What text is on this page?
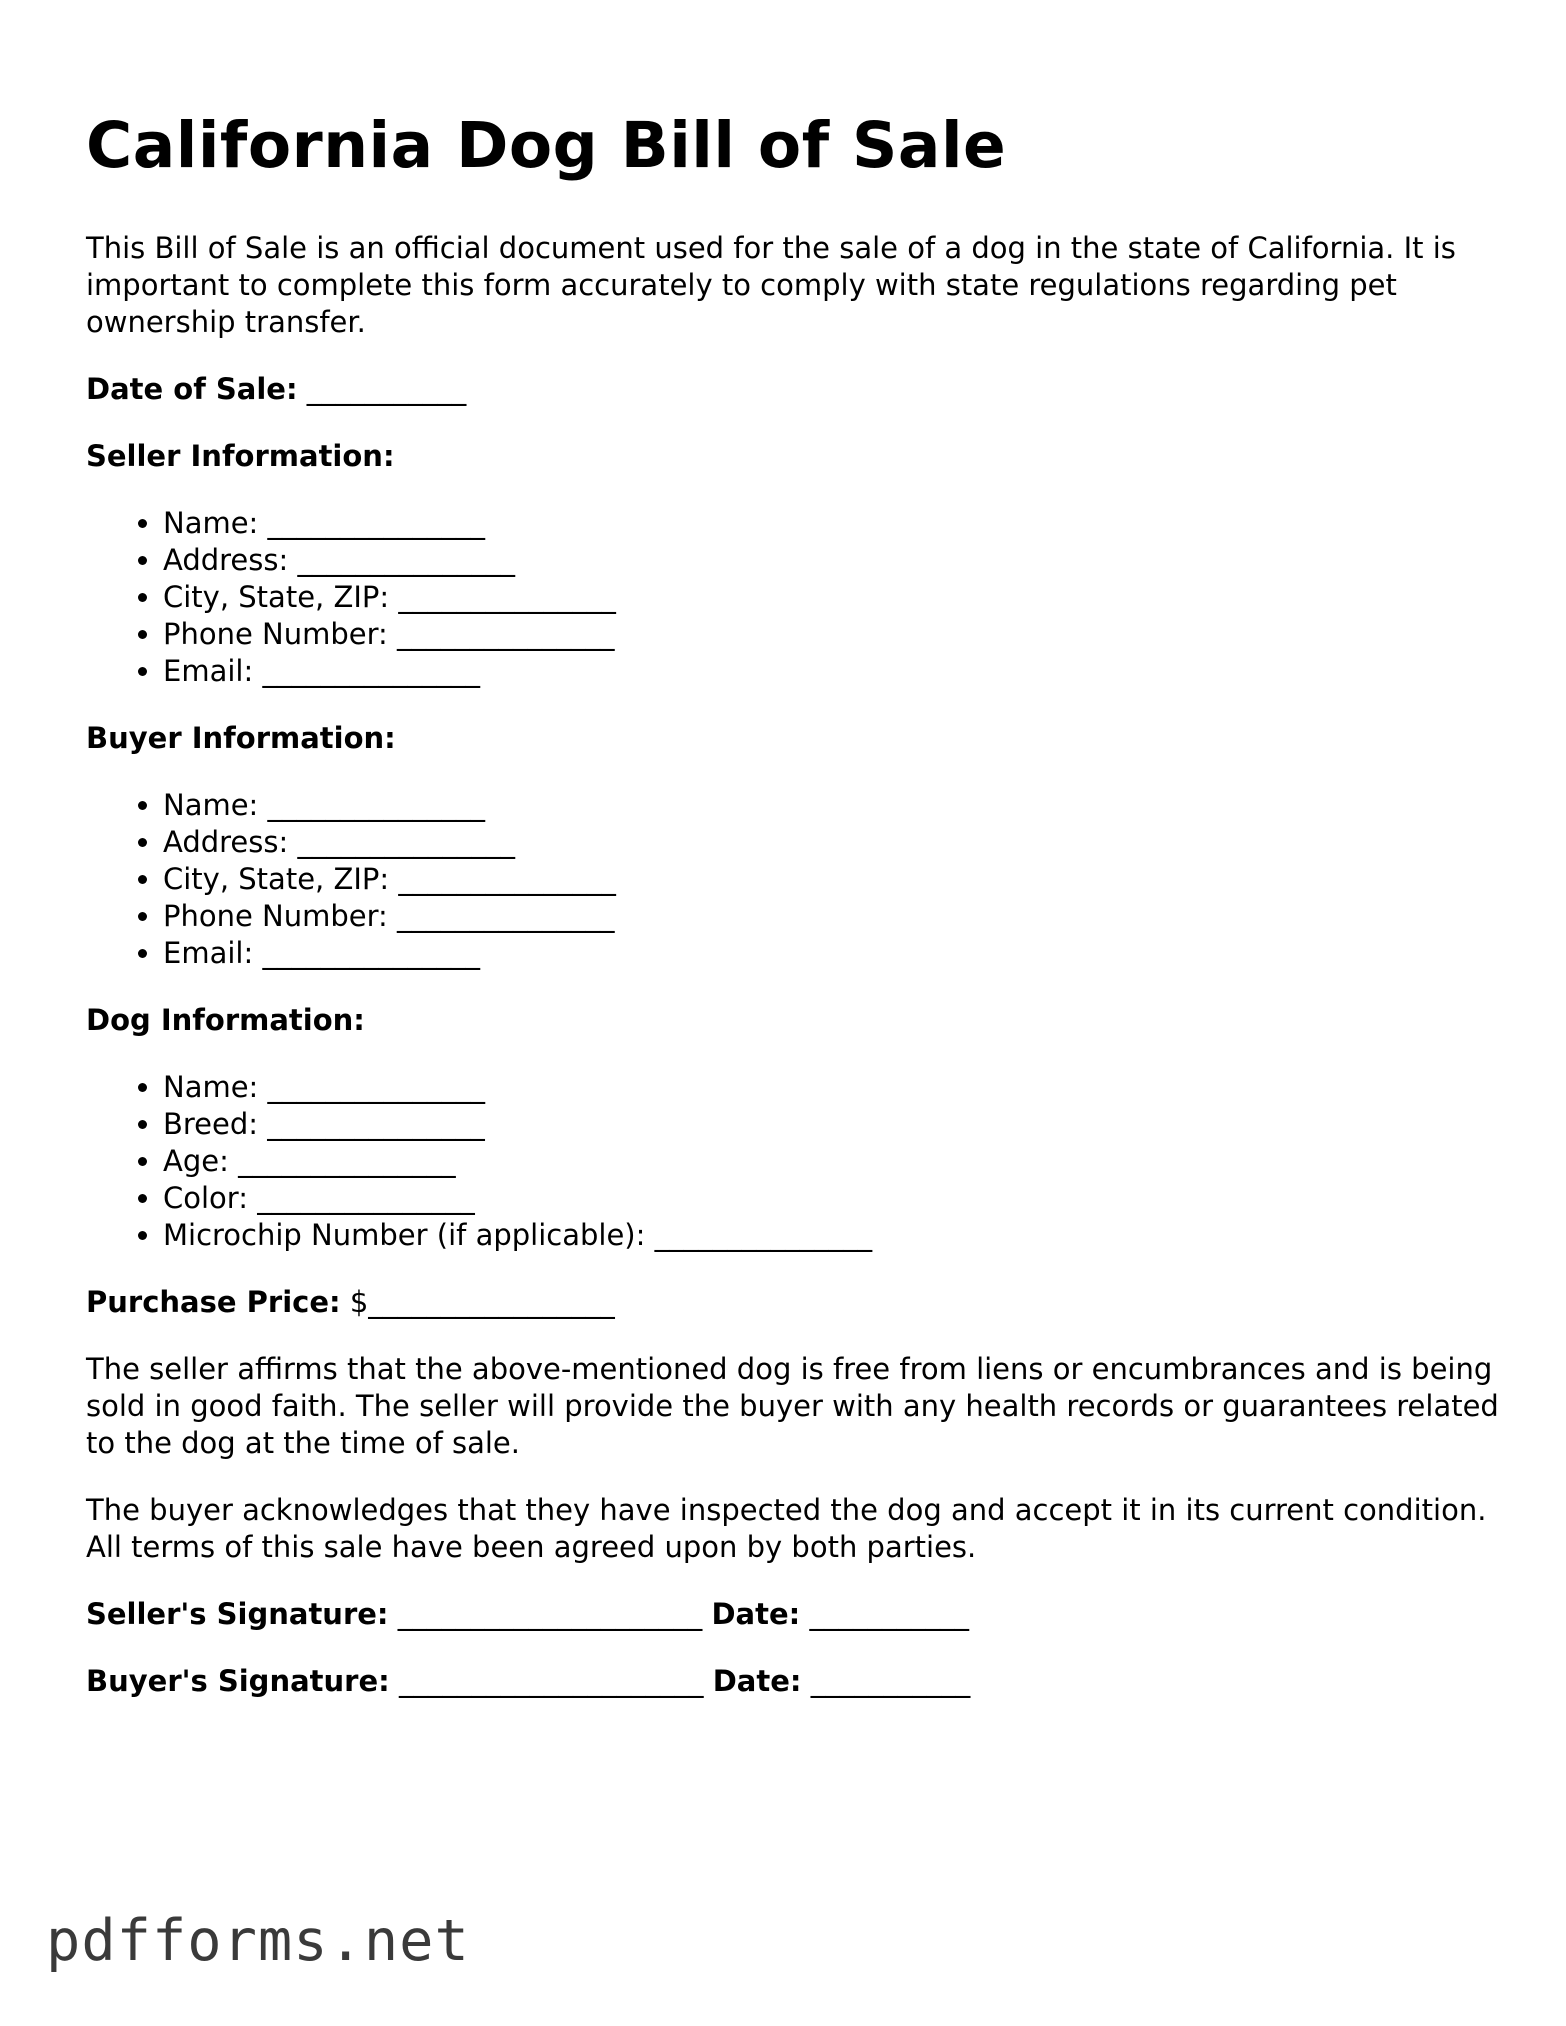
California Dog Bill of Sale

This Bill of Sale is an official document used for the sale of a dog in the state of California. It is important to complete this form accurately to comply with state regulations regarding pet ownership transfer.

Date of Sale: ___________
Seller Information:
• Name: _______________
• Address: _______________
• City, State, ZIP: _______________
• Phone Number: _______________
• Email: _______________
Buyer Information:
• Name: _______________
• Address: _______________
• City, State, ZIP: _______________
• Phone Number: _______________
• Email: _______________
Dog Information:
• Name: _______________
• Breed: _______________
• Age: _______________
• Color: _______________
• Microchip Number (if applicable): _______________
Purchase Price: $_________________

The seller affirms that the above-mentioned dog is free from liens or encumbrances and is being sold in good faith. The seller will provide the buyer with any health records or guarantees related to the dog at the time of sale.

The buyer acknowledges that they have inspected the dog and accept it in its current condition. All terms of this sale have been agreed upon by both parties.

Seller's Signature: _____________________ Date: ___________
Buyer's Signature: _____________________ Date: ___________
pdfforms.net
